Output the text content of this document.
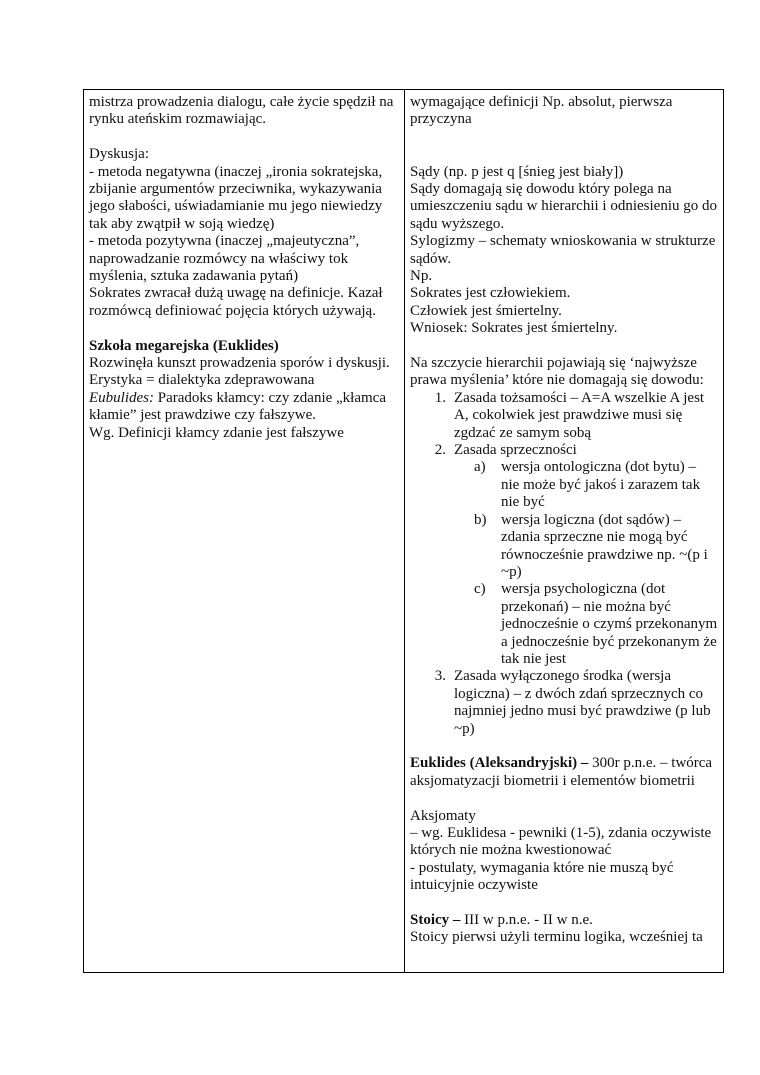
mistrza prowadzenia dialogu, całe życie spędził na rynku ateńskim rozmawiając.
Dyskusja:
- metoda negatywna (inaczej „ironia sokratejska, zbijanie argumentów przeciwnika, wykazywania jego słabości, uświadamianie mu jego niewiedzy tak aby zwątpił w soją wiedzę)
- metoda pozytywna (inaczej „majeutyczna”, naprowadzanie rozmówcy na właściwy tok myślenia, sztuka zadawania pytań)
Sokrates zwracał dużą uwagę na definicje. Kazał rozmówcą definiować pojęcia których używają.
Szkoła megarejska (Euklides)
Rozwinęła kunszt prowadzenia sporów i dyskusji.
Erystyka = dialektyka zdeprawowana
Eubulides: Paradoks kłamcy: czy zdanie „kłamca kłamie” jest prawdziwe czy fałszywe.
Wg. Definicji kłamcy zdanie jest fałszywe
wymagające definicji Np. absolut, pierwsza przyczyna
Sądy (np. p jest q [śnieg jest biały])
Sądy domagają się dowodu który polega na umieszczeniu sądu w hierarchii i odniesieniu go do sądu wyższego.
Sylogizmy – schematy wnioskowania w strukturze sądów.
Np.
Sokrates jest człowiekiem.
Człowiek jest śmiertelny.
Wniosek: Sokrates jest śmiertelny.
Na szczycie hierarchii pojawiają się ‘najwyższe prawa myślenia’ które nie domagają się dowodu:
1. Zasada tożsamości – A=A wszelkie A jest A, cokolwiek jest prawdziwe musi się zgdzać ze samym sobą
2. Zasada sprzeczności
a)	wersja ontologiczna (dot bytu) – nie może być jakoś i zarazem tak nie być
b) wersja logiczna (dot sądów) – zdania sprzeczne nie mogą być równocześnie prawdziwe np. ~(p i ~p)
c)	wersja psychologiczna (dot przekonań) – nie można być jednocześnie o czymś przekonanym a jednocześnie być przekonanym że tak nie jest
3. Zasada wyłączonego środka (wersja logiczna) – z dwóch zdań sprzecznych co najmniej jedno musi być prawdziwe (p lub ~p)
Euklides (Aleksandryjski) – 300r p.n.e. – twórca aksjomatyzacji biometrii i elementów biometrii
Aksjomaty
– wg. Euklidesa - pewniki (1-5), zdania oczywiste których nie można kwestionować
- postulaty, wymagania które nie muszą być intuicyjnie oczywiste
Stoicy – III w p.n.e. - II w n.e.
Stoicy pierwsi użyli terminu logika, wcześniej ta
